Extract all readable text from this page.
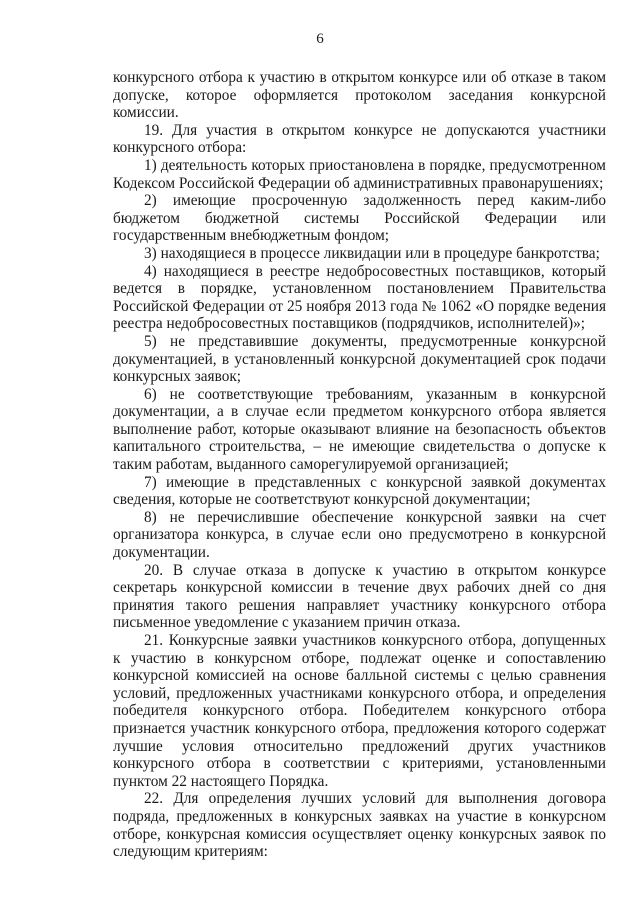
6

конкурсного отбора к участию в открытом конкурсе или об отказе в таком допуске, которое оформляется протоколом заседания конкурсной комиссии.

19. Для участия в открытом конкурсе не допускаются участники конкурсного отбора:

1) деятельность которых приостановлена в порядке, предусмотренном Кодексом Российской Федерации об административных правонарушениях;

2) имеющие просроченную задолженность перед каким-либо бюджетом бюджетной системы Российской Федерации или государственным внебюджетным фондом;

3) находящиеся в процессе ликвидации или в процедуре банкротства;

4) находящиеся в реестре недобросовестных поставщиков, который ведется в порядке, установленном постановлением Правительства Российской Федерации от 25 ноября 2013 года № 1062 «О порядке ведения реестра недобросовестных поставщиков (подрядчиков, исполнителей)»;

5) не представившие документы, предусмотренные конкурсной документацией, в установленный конкурсной документацией срок подачи конкурсных заявок;

6) не соответствующие требованиям, указанным в конкурсной документации, а в случае если предметом конкурсного отбора является выполнение работ, которые оказывают влияние на безопасность объектов капитального строительства, – не имеющие свидетельства о допуске к таким работам, выданного саморегулируемой организацией;

7) имеющие в представленных с конкурсной заявкой документах сведения, которые не соответствуют конкурсной документации;

8) не перечислившие обеспечение конкурсной заявки на счет организатора конкурса, в случае если оно предусмотрено в конкурсной документации.

20. В случае отказа в допуске к участию в открытом конкурсе секретарь конкурсной комиссии в течение двух рабочих дней со дня принятия такого решения направляет участнику конкурсного отбора письменное уведомление с указанием причин отказа.

21. Конкурсные заявки участников конкурсного отбора, допущенных к участию в конкурсном отборе, подлежат оценке и сопоставлению конкурсной комиссией на основе балльной системы с целью сравнения условий, предложенных участниками конкурсного отбора, и определения победителя конкурсного отбора. Победителем конкурсного отбора признается участник конкурсного отбора, предложения которого содержат лучшие условия относительно предложений других участников конкурсного отбора в соответствии с критериями, установленными пунктом 22 настоящего Порядка.

22. Для определения лучших условий для выполнения договора подряда, предложенных в конкурсных заявках на участие в конкурсном отборе, конкурсная комиссия осуществляет оценку конкурсных заявок по следующим критериям:
